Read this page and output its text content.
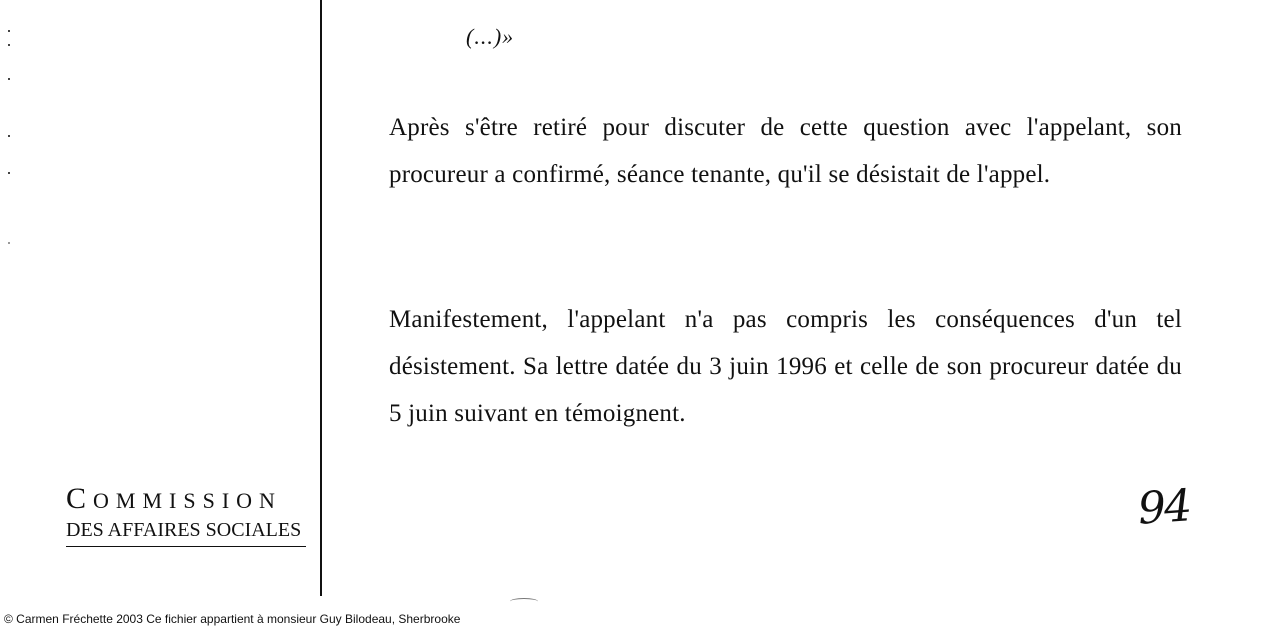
(...)»

Après s'être retiré pour discuter de cette question avec l'appelant, son procureur a confirmé, séance tenante, qu'il se désistait de l'appel.

Manifestement, l'appelant n'a pas compris les conséquences d'un tel désistement. Sa lettre datée du 3 juin 1996 et celle de son procureur datée du 5 juin suivant en témoignent.

COMMISSION
DES AFFAIRES SOCIALES	94
© Carmen Fréchette 2003 Ce fichier appartient à monsieur Guy Bilodeau, Sherbrooke
